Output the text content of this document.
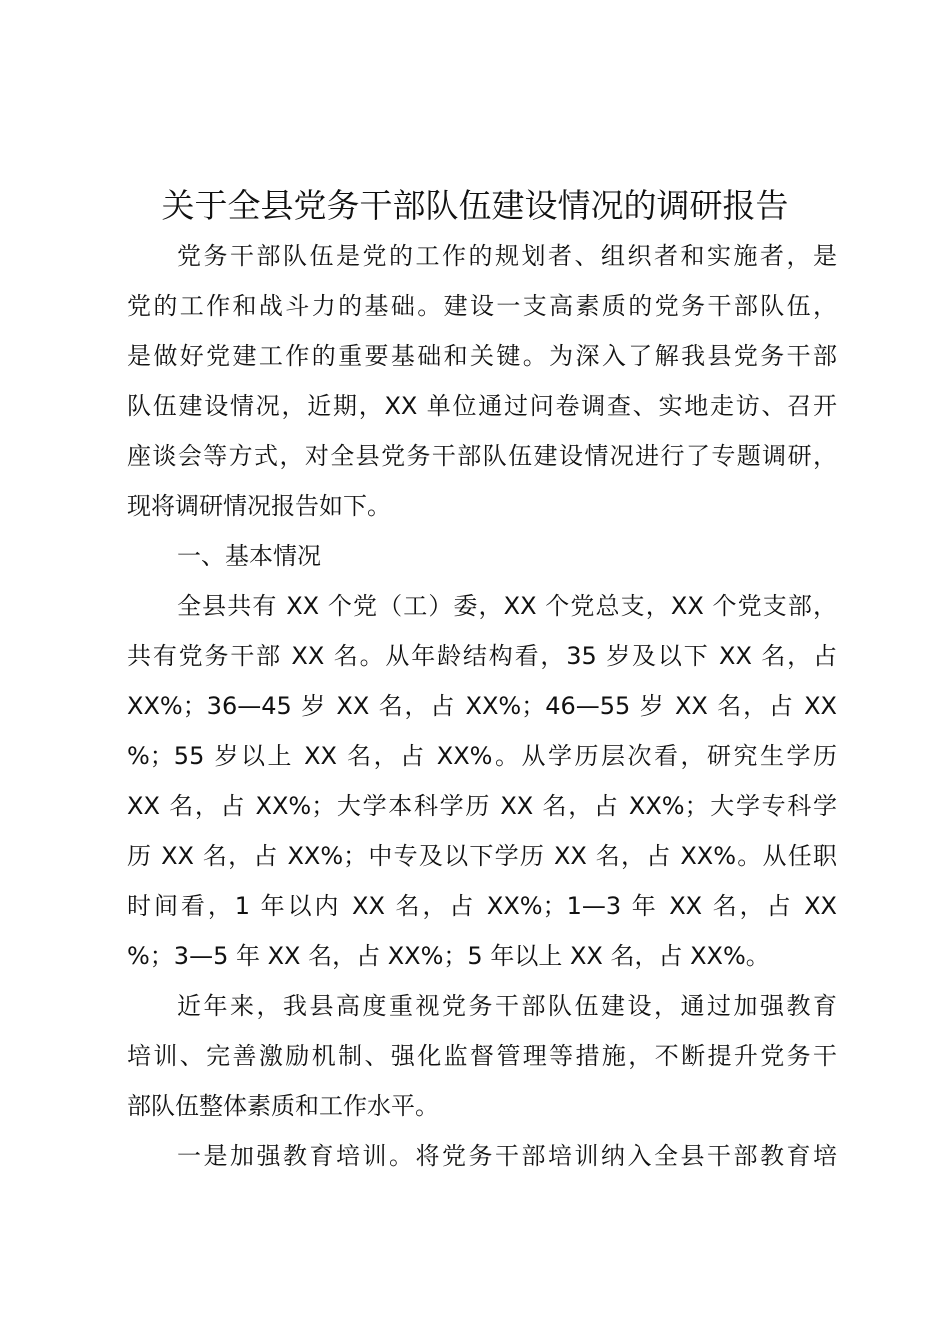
关于全县党务干部队伍建设情况的调研报告

党务干部队伍是党的工作的规划者、组织者和实施者，是
党的工作和战斗力的基础。建设一支高素质的党务干部队伍，
是做好党建工作的重要基础和关键。为深入了解我县党务干部
队伍建设情况，近期，XX 单位通过问卷调查、实地走访、召开
座谈会等方式，对全县党务干部队伍建设情况进行了专题调研，
现将调研情况报告如下。

一、基本情况

全县共有 XX 个党（工）委，XX 个党总支，XX 个党支部，
共有党务干部 XX 名。从年龄结构看，35 岁及以下 XX 名，占
XX%；36—45 岁 XX 名，占 XX%；46—55 岁 XX 名，占 XX
%；55 岁以上 XX 名，占 XX%。从学历层次看，研究生学历
XX 名，占 XX%；大学本科学历 XX 名，占 XX%；大学专科学
历 XX 名，占 XX%；中专及以下学历 XX 名，占 XX%。从任职
时间看，1 年以内 XX 名，占 XX%；1—3 年 XX 名，占 XX
%；3—5 年 XX 名，占 XX%；5 年以上 XX 名，占 XX%。

近年来，我县高度重视党务干部队伍建设，通过加强教育
培训、完善激励机制、强化监督管理等措施，不断提升党务干
部队伍整体素质和工作水平。

一是加强教育培训。将党务干部培训纳入全县干部教育培
